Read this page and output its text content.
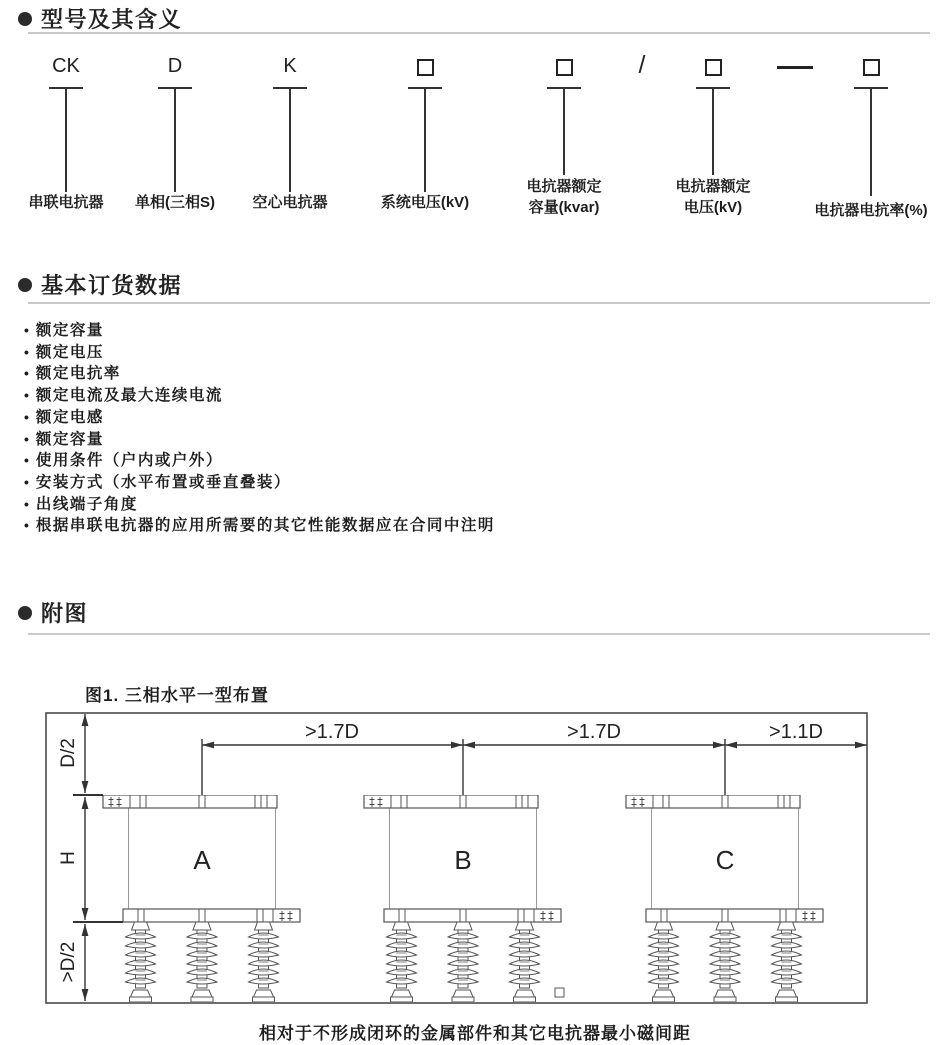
型号及其含义
CK
串联电抗器
D
单相(三相S)
K
空心电抗器	系统电压(kV)
电抗器额定
容量(kvar)
/
电抗器额定
电压(kV)	电抗器电抗率(%)
基本订货数据
• 额定容量
• 额定电压
• 额定电抗率
• 额定电流及最大连续电流
• 额定电感
• 额定容量
• 使用条件（户内或户外）
• 安装方式（水平布置或垂直叠装）
• 出线端子角度
• 根据串联电抗器的应用所需要的其它性能数据应在合同中注明
附图
图1. 三相水平一型布置
A	B	C
>1.7D	>1.7D	>1.1D
D/2
H
>D/2
相对于不形成闭环的金属部件和其它电抗器最小磁间距
